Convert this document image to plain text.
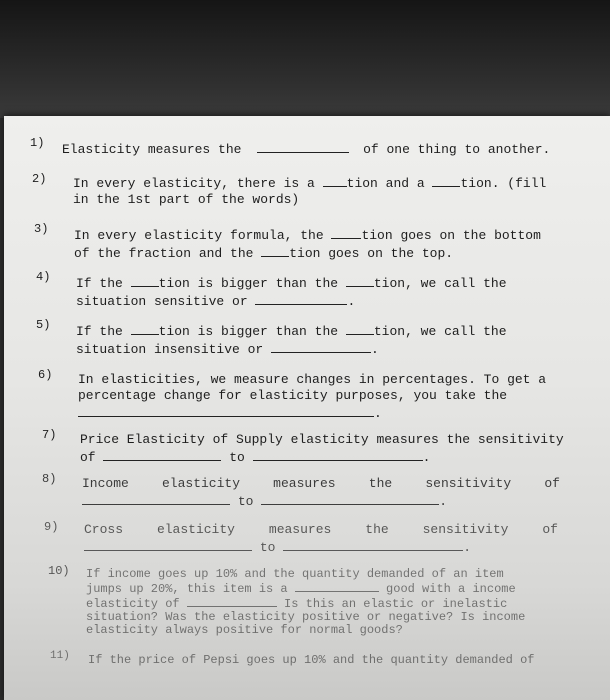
1) Elasticity measures the	of one thing to another.
2) In every elasticity, there is a tion and a	tion. (fill
in the 1st part of the words)
3) In every elasticity formula, the	tion goes on the bottom
of the fraction and the	tion goes on the top.
4) If the	tion is bigger than the	tion, we call the
situation sensitive or	.
5) If the	tion is bigger than the	tion, we call the
situation insensitive or	.
6) In elasticities, we measure changes in percentages. To get a
percentage change for elasticity purposes, you take the
.
7) Price Elasticity of Supply elasticity measures the sensitivity
of	to	.
8) Income	elasticity	measures	the	sensitivity	of
to	.
9) Cross	elasticity	measures	the	sensitivity	of
to	.
10) If income goes up 10% and the quantity demanded of an item
jumps up 20%, this item is a	good with a income
elasticity of	Is this an elastic or inelastic
situation? Was the elasticity positive or negative? Is income
elasticity always positive for normal goods?
11) If the price of Pepsi goes up 10% and the quantity demanded of
